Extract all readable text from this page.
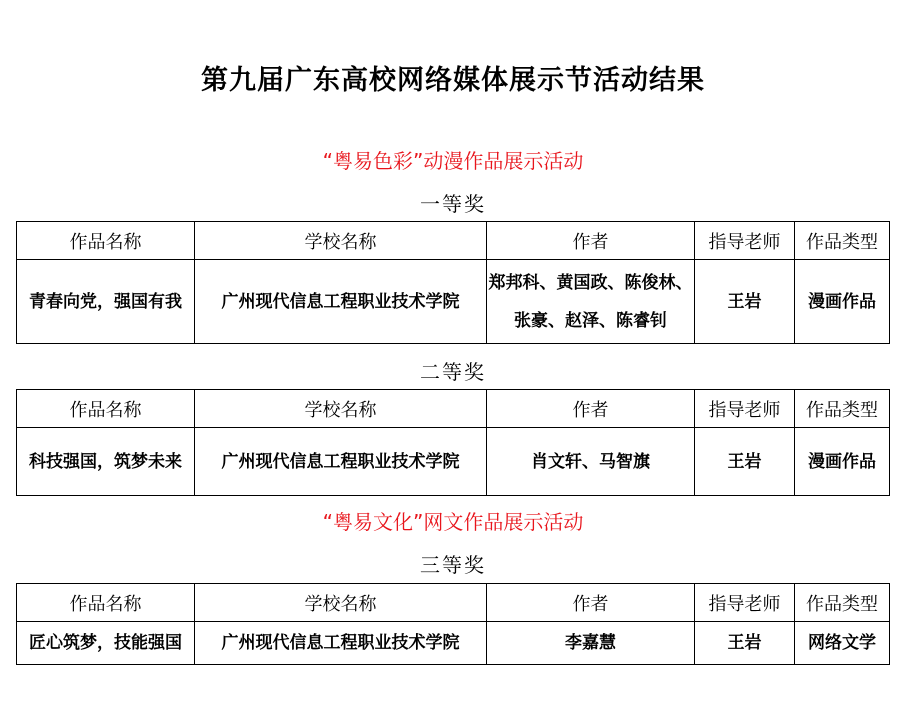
第九届广东高校网络媒体展示节活动结果
“粤易色彩”动漫作品展示活动
一等奖
作品名称	学校名称	作者	指导老师	作品类型
青春向党，强国有我	广州现代信息工程职业技术学院	郑邦科、黄国政、陈俊林、
张豪、赵泽、陈睿钊	王岩	漫画作品
二等奖
作品名称	学校名称	作者	指导老师	作品类型
科技强国，筑梦未来	广州现代信息工程职业技术学院	肖文轩、马智旗	王岩	漫画作品
“粤易文化”网文作品展示活动
三等奖
作品名称	学校名称	作者	指导老师	作品类型
匠心筑梦，技能强国	广州现代信息工程职业技术学院	李嘉慧	王岩	网络文学
